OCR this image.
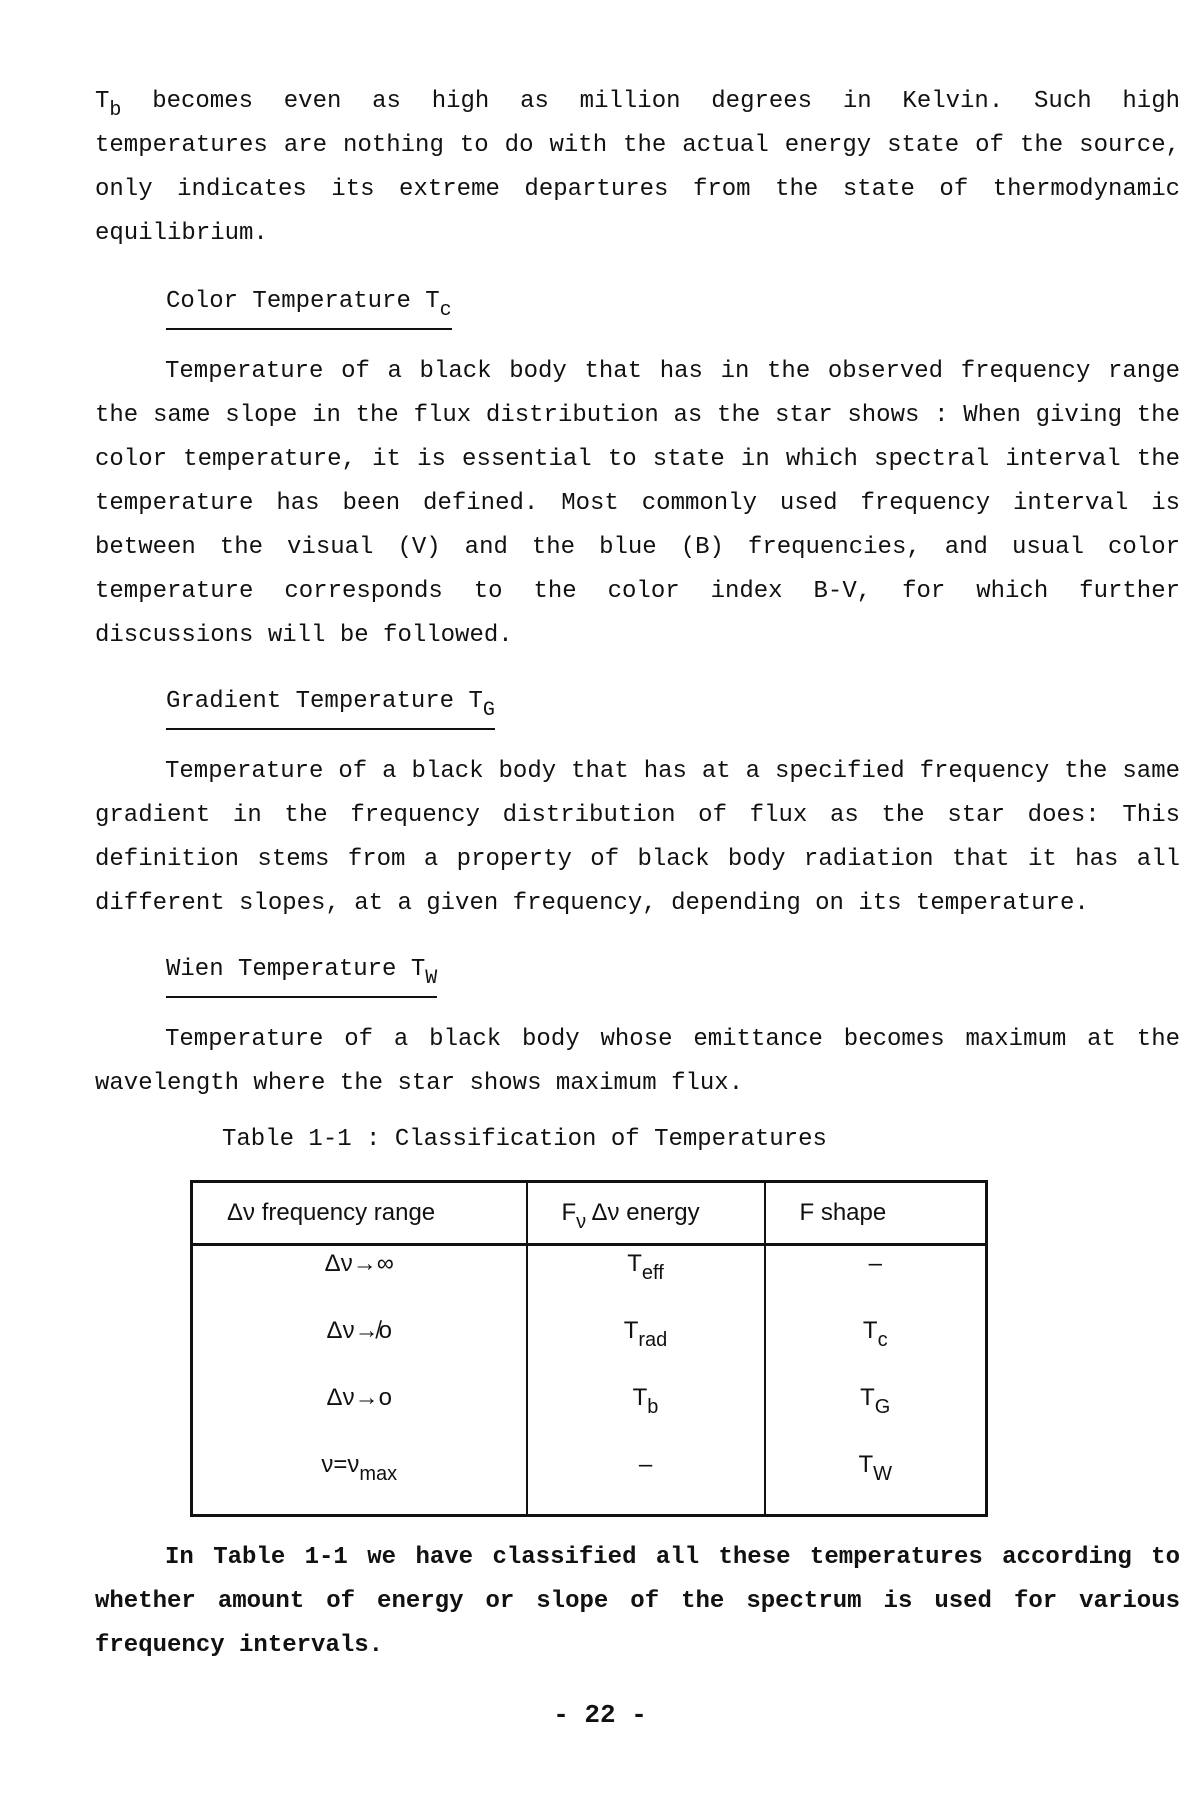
$T_b$ becomes even as high as million degrees in Kelvin. Such high temperatures are nothing to do with the actual energy state of the source, only indicates its extreme departures from the state of thermodynamic equilibrium.

Color Temperature $T_c$

Temperature of a black body that has in the observed frequency range the same slope in the flux distribution as the star shows : When giving the color temperature, it is essential to state in which spectral interval the temperature has been defined. Most commonly used frequency interval is between the visual (V) and the blue (B) frequencies, and usual color temperature corresponds to the color index B-V, for which further discussions will be followed.

Gradient Temperature $T_G$

Temperature of a black body that has at a specified frequency the same gradient in the frequency distribution of flux as the star does: This definition stems from a property of black body radiation that it has all different slopes, at a given frequency, depending on its temperature.

Wien Temperature $T_W$

Temperature of a black body whose emittance becomes maximum at the wavelength where the star shows maximum flux.

Table 1-1 : Classification of Temperatures

Δν frequency range	$F_\nu$ Δν energy	F shape
Δν→∞	$T_{eff}$	–
Δν↛o	$T_{rad}$	$T_c$
Δν→o	$T_b$	$T_G$
$\nu=\nu_{max}$	–	$T_W$

In Table 1-1 we have classified all these temperatures according to whether amount of energy or slope of the spectrum is used for various frequency intervals.

- 22 -
